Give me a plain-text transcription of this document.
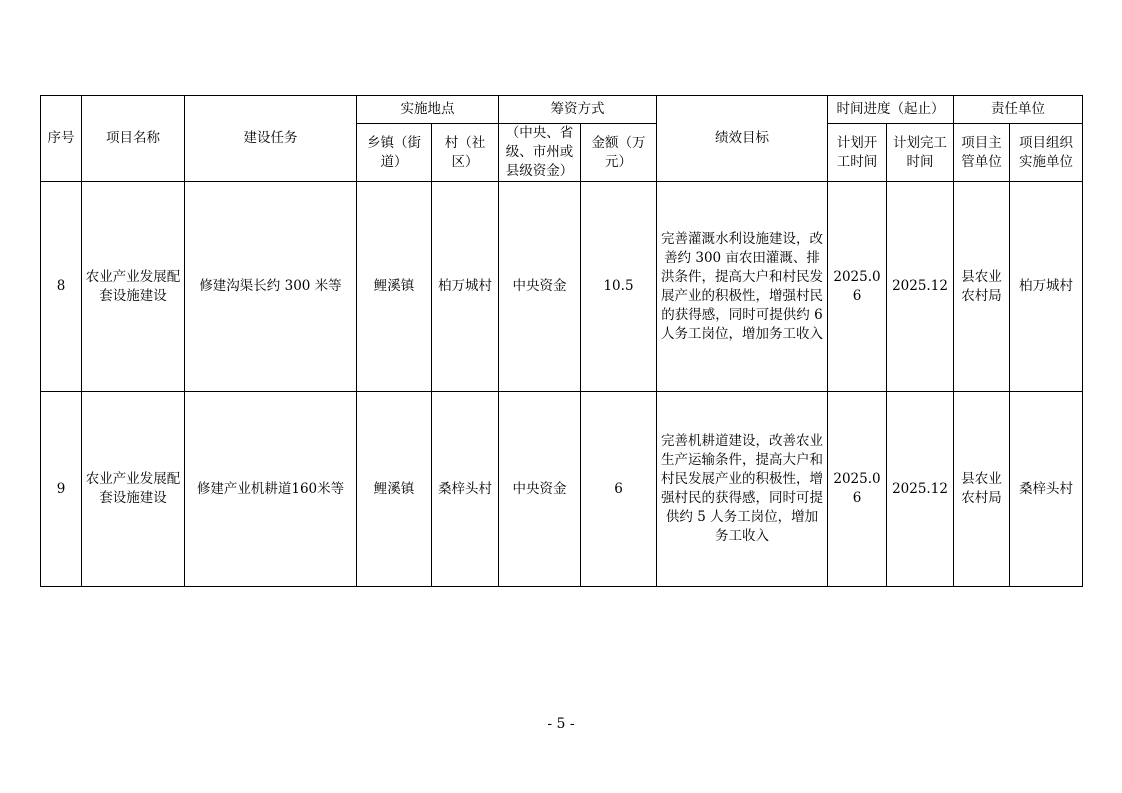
序号	项目名称	建设任务	实施地点		筹资方式		绩效目标	时间进度（起止）		责任单位	
			乡镇（街道）	村（社区）	（中央、省级、市州或县级资金）	金额（万元）		计划开工时间	计划完工时间	项目主管单位	项目组织实施单位
8	农业产业发展配套设施建设	修建沟渠长约 300 米等	鲤溪镇	柏万城村	中央资金	10.5	完善灌溉水利设施建设，改善约 300 亩农田灌溉、排洪条件，提高大户和村民发展产业的积极性，增强村民的获得感，同时可提供约 6 人务工岗位，增加务工收入	2025.06	2025.12	县农业农村局	柏万城村
9	农业产业发展配套设施建设	修建产业机耕道160米等	鲤溪镇	桑梓头村	中央资金	6	完善机耕道建设，改善农业生产运输条件，提高大户和村民发展产业的积极性，增强村民的获得感，同时可提供约 5 人务工岗位，增加务工收入	2025.06	2025.12	县农业农村局	桑梓头村
- 5 -
